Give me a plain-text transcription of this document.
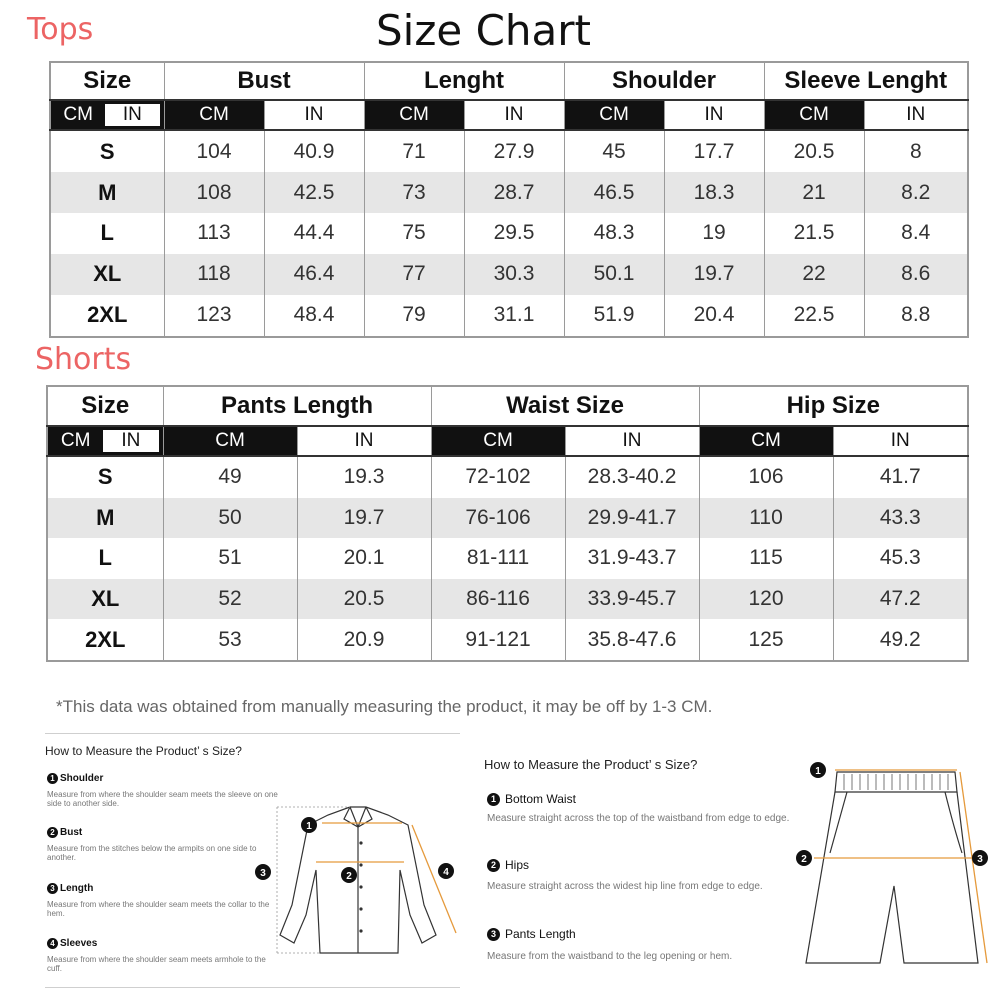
Tops	Size Chart
Size	Bust		Lenght		Shoulder		Sleeve Lenght	

CM IN	CM	IN	CM	IN	CM	IN	CM	IN
S	104	40.9	71	27.9	45	17.7	20.5	8
M	108	42.5	73	28.7	46.5	18.3	21	8.2
L	113	44.4	75	29.5	48.3	19	21.5	8.4
XL	118	46.4	77	30.3	50.1	19.7	22	8.6
2XL	123	48.4	79	31.1	51.9	20.4	22.5	8.8
Shorts
Size	Pants Length		Waist Size		Hip Size	

CM IN	CM	IN	CM	IN	CM	IN
S	49	19.3	72-102	28.3-40.2	106	41.7
M	50	19.7	76-106	29.9-41.7	110	43.3
L	51	20.1	81-111	31.9-43.7	115	45.3
XL	52	20.5	86-116	33.9-45.7	120	47.2
2XL	53	20.9	91-121	35.8-47.6	125	49.2
*This data was obtained from manually measuring the product, it may be off by 1-3 CM.
How to Measure the Product’ s Size?
1 Shoulder
Measure from where the shoulder seam meets the sleeve on one side to another side.
2 Bust
Measure from the stitches below the armpits on one side to another.
3 Length
Measure from where the shoulder seam meets the collar to the hem.
4 Sleeves
Measure from where the shoulder seam meets armhole to the cuff.
1
2
3	4
How to Measure the Product’ s Size?
1 Bottom Waist
Measure straight across the top of the waistband from edge to edge.
2 Hips
Measure straight across the widest hip line from edge to edge.
3 Pants Length
Measure from the waistband to the leg opening or hem.
1
2	3
